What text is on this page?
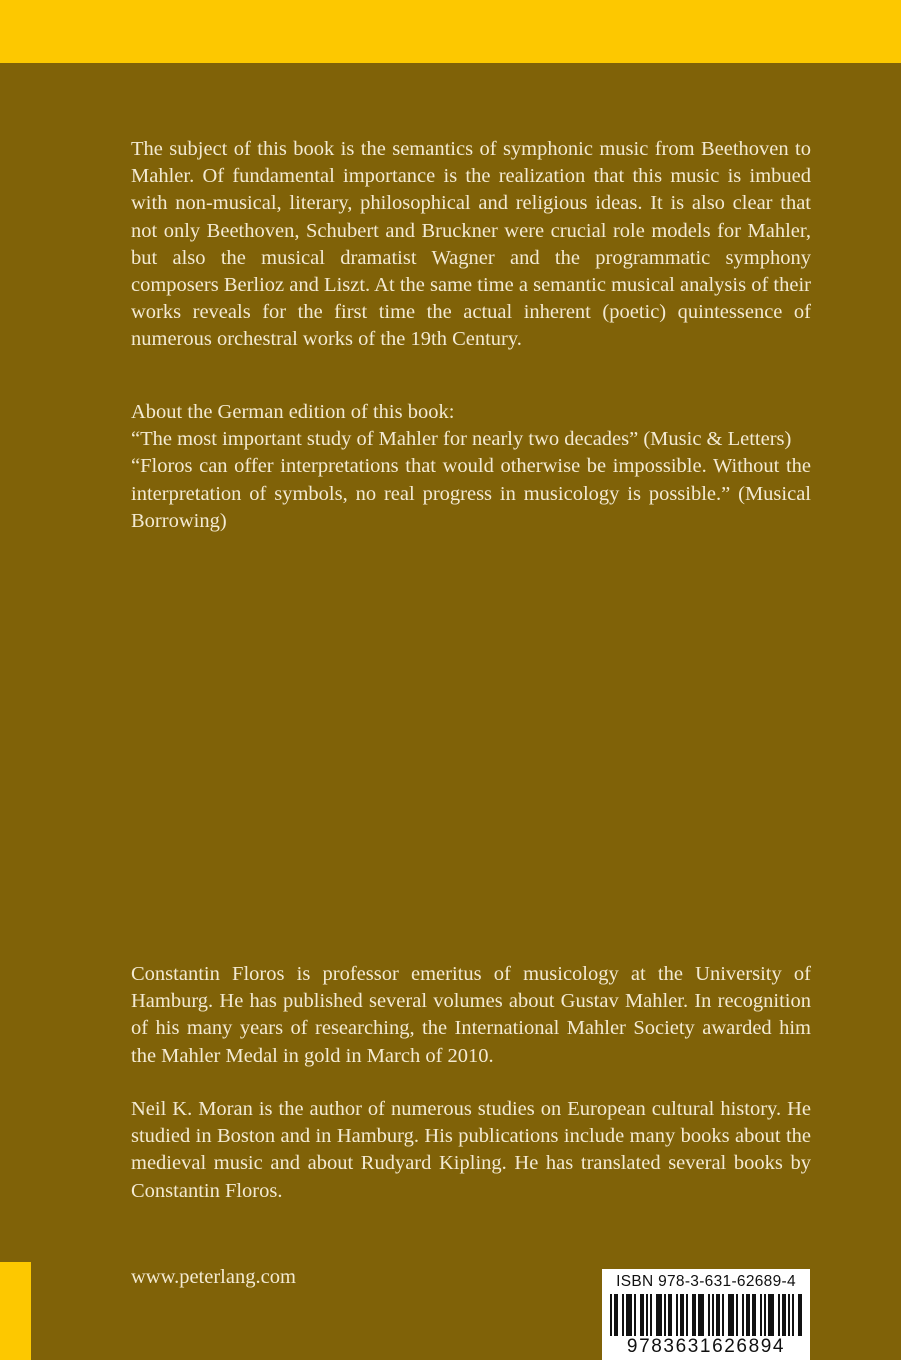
The subject of this book is the semantics of symphonic music from Beethoven to Mahler. Of fundamental importance is the realization that this music is imbued with non-musical, literary, philosophical and religious ideas. It is also clear that not only Beethoven, Schubert and Bruckner were crucial role models for Mahler, but also the musical dramatist Wagner and the programmatic symphony composers Berlioz and Liszt. At the same time a semantic musical analysis of their works reveals for the first time the actual inherent (poetic) quintessence of numerous orchestral works of the 19th Century.

About the German edition of this book:

“The most important study of Mahler for nearly two decades” (Music & Letters)

“Floros can offer interpretations that would otherwise be impossible. Without the interpretation of symbols, no real progress in musicology is possible.” (Musical Borrowing)

Constantin Floros is professor emeritus of musicology at the University of Hamburg. He has published several volumes about Gustav Mahler. In recognition of his many years of researching, the International Mahler Society awarded him the Mahler Medal in gold in March of 2010.

Neil K. Moran is the author of numerous studies on European cultural history. He studied in Boston and in Hamburg. His publications include many books about the medieval music and about Rudyard Kipling. He has translated several books by Constantin Floros.

www.peterlang.com	ISBN 978-3-631-62689-4
9783631626894
